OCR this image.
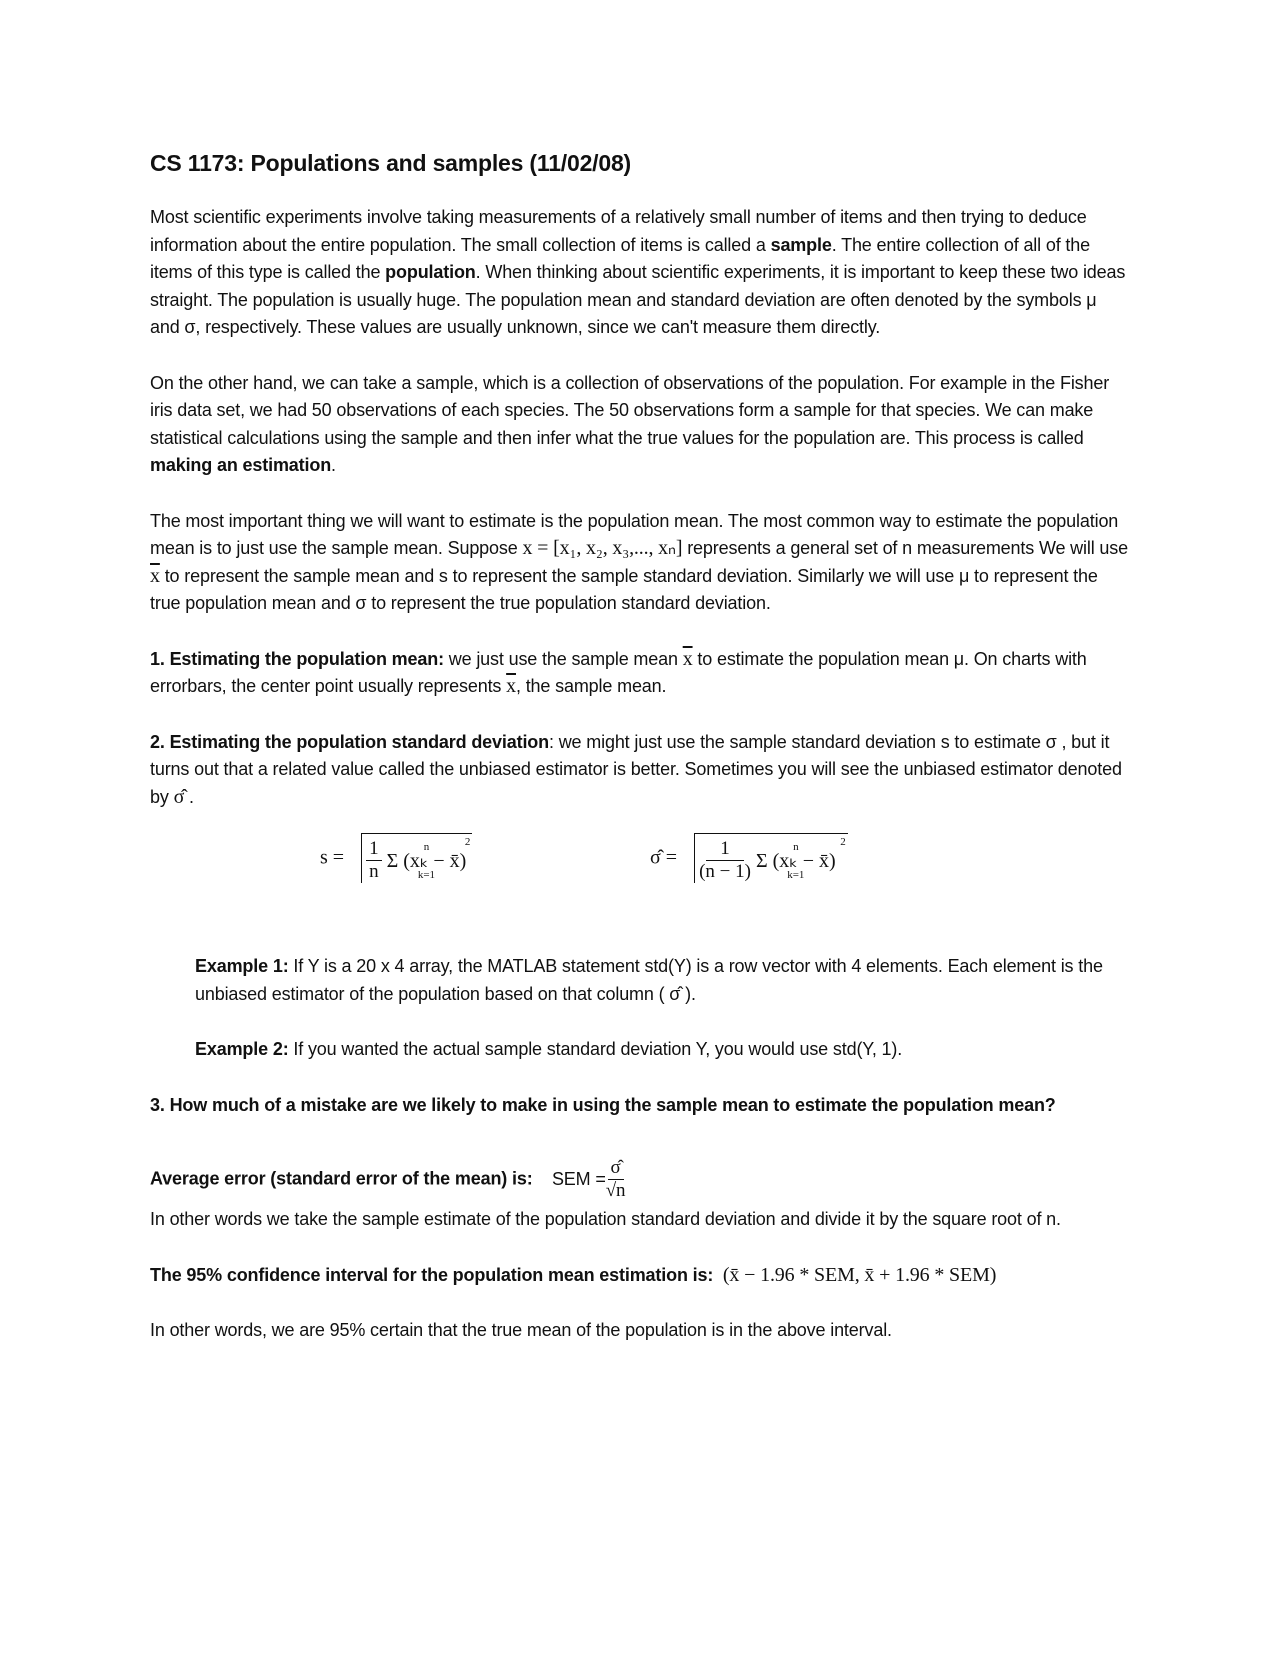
CS 1173: Populations and samples (11/02/08)

Most scientific experiments involve taking measurements of a relatively small number of items and then trying to deduce information about the entire population. The small collection of items is called a sample. The entire collection of all of the items of this type is called the population. When thinking about scientific experiments, it is important to keep these two ideas straight. The population is usually huge. The population mean and standard deviation are often denoted by the symbols μ and σ, respectively. These values are usually unknown, since we can't measure them directly.

On the other hand, we can take a sample, which is a collection of observations of the population. For example in the Fisher iris data set, we had 50 observations of each species. The 50 observations form a sample for that species. We can make statistical calculations using the sample and then infer what the true values for the population are. This process is called making an estimation.

The most important thing we will want to estimate is the population mean. The most common way to estimate the population mean is to just use the sample mean. Suppose x = [x₁, x₂, x₃,..., xₙ] represents a general set of n measurements We will use $\overline{x}$ to represent the sample mean and s to represent the sample standard deviation. Similarly we will use μ to represent the true population mean and σ to represent the true population standard deviation.

1. Estimating the population mean: we just use the sample mean $\overline{x}$ to estimate the population mean μ. On charts with errorbars, the center point usually represents $\overline{x}$, the sample mean.

2. Estimating the population standard deviation: we might just use the sample standard deviation s to estimate σ , but it turns out that a related value called the unbiased estimator is better. Sometimes you will see the unbiased estimator denoted by σ̂ .

$s = \frac{1}{n}$
	n
Σ (xₖ − x̄)
k=1
2
σ̂ = $\frac{1}{(n - 1)}$
	n
Σ (xₖ − x̄)
k=1
2

Example 1: If Y is a 20 x 4 array, the MATLAB statement std(Y) is a row vector with 4 elements. Each element is the unbiased estimator of the population based on that column ( σ̂ ).

Example 2: If you wanted the actual sample standard deviation Y, you would use std(Y, 1).

3. How much of a mistake are we likely to make in using the sample mean to estimate the population mean?

Average error (standard error of the mean) is: SEM = $\frac{\sigmâ}{√n}$

In other words we take the sample estimate of the population standard deviation and divide it by the square root of n.

The 95% confidence interval for the population mean estimation is: (x̄ − 1.96 * SEM, x̄ + 1.96 * SEM)

In other words, we are 95% certain that the true mean of the population is in the above interval.
